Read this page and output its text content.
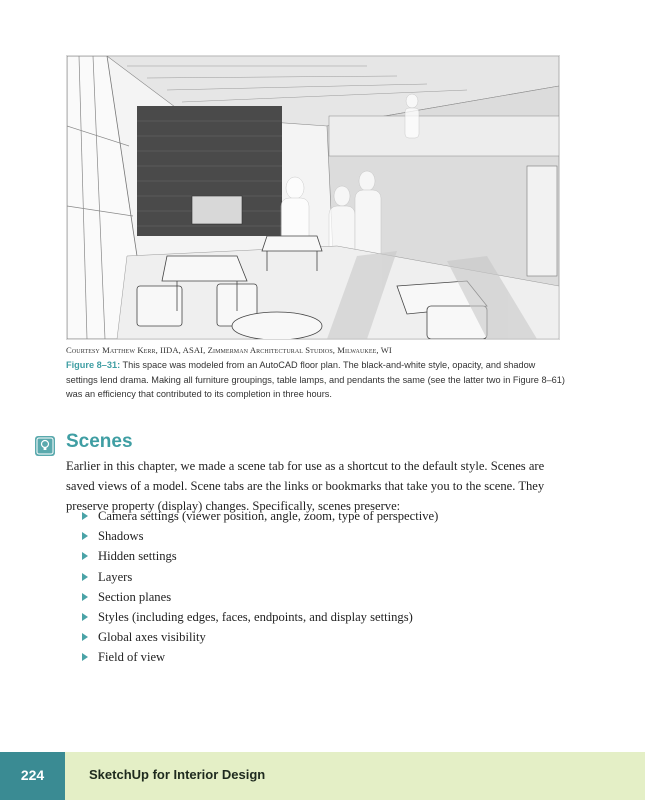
Courtesy Matthew Kerr, IIDA, ASAI, Zimmerman Architectural Studios, Milwaukee, WI
Figure 8–31: This space was modeled from an AutoCAD floor plan. The black-and-white style, opacity, and shadow settings lend drama. Making all furniture groupings, table lamps, and pendants the same (see the latter two in Figure 8–61) was an efficiency that contributed to its completion in three hours.
Scenes

Earlier in this chapter, we made a scene tab for use as a shortcut to the default style. Scenes are saved views of a model. Scene tabs are the links or bookmarks that take you to the scene. They preserve property (display) changes. Specifically, scenes preserve:

Camera settings (viewer position, angle, zoom, type of perspective)
Shadows
Hidden settings
Layers
Section planes
Styles (including edges, faces, endpoints, and display settings)
Global axes visibility
Field of view
224	SketchUp for Interior Design
